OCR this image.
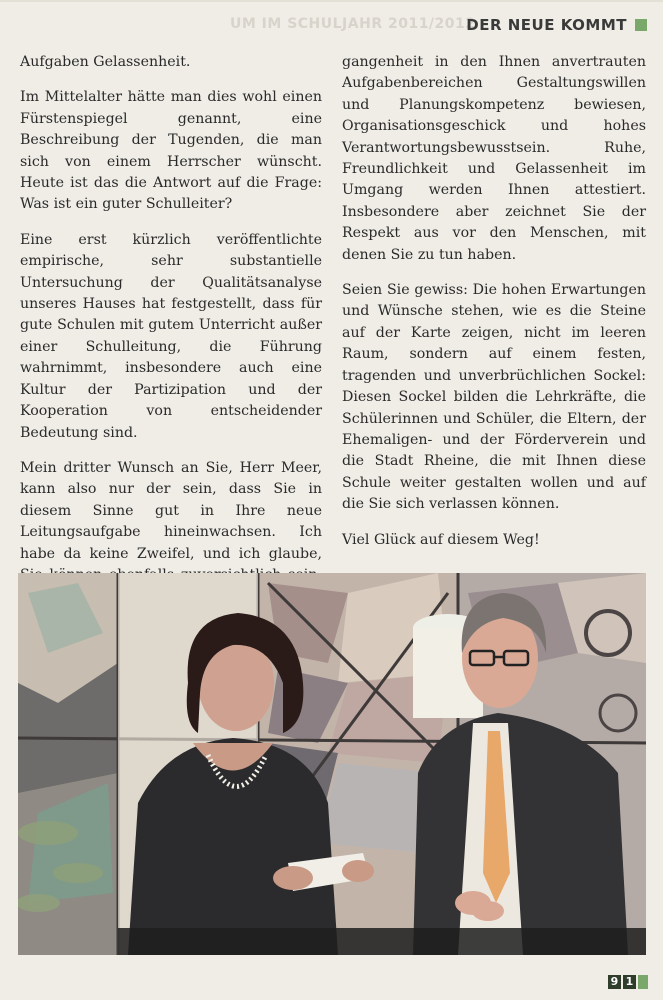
UM IM SCHULJAHR 2011/2012
DER NEUE KOMMT

Aufgaben Gelassenheit.

Im Mittelalter hätte man dies wohl einen Fürstenspiegel genannt, eine Beschreibung der Tugenden, die man sich von einem Herrscher wünscht. Heute ist das die Antwort auf die Frage: Was ist ein guter Schulleiter?

Eine erst kürzlich veröffentlichte empirische, sehr substantielle Untersuchung der Qualitätsanalyse unseres Hauses hat festgestellt, dass für gute Schulen mit gutem Unterricht außer einer Schulleitung, die Führung wahrnimmt, insbesondere auch eine Kultur der Partizipation und der Kooperation von entscheidender Bedeutung sind.

Mein dritter Wunsch an Sie, Herr Meer, kann also nur der sein, dass Sie in diesem Sinne gut in Ihre neue Leitungsaufgabe hineinwachsen. Ich habe da keine Zweifel, und ich glaube,

gangenheit in den Ihnen anvertrauten Aufgabenbereichen Gestaltungswillen und Planungskompetenz bewiesen, Organisationsgeschick und hohes Verantwortungsbewusstsein. Ruhe, Freundlichkeit und Gelassenheit im Umgang werden Ihnen attestiert. Insbesondere aber zeichnet Sie der Respekt aus vor den Menschen, mit denen Sie zu tun haben.

Seien Sie gewiss: Die hohen Erwartungen und Wünsche stehen, wie es die Steine auf der Karte zeigen, nicht im leeren Raum, sondern auf einem festen, tragenden und unverbrüchlichen Sockel: Diesen Sockel bilden die Lehrkräfte, die Schülerinnen und Schüler, die Eltern, der Ehemaligen- und der Förderverein und die Stadt Rheine, die mit Ihnen diese Schule weiter gestalten wollen und auf die Sie sich verlassen können.

Viel Glück auf diesem Weg!

9 1
